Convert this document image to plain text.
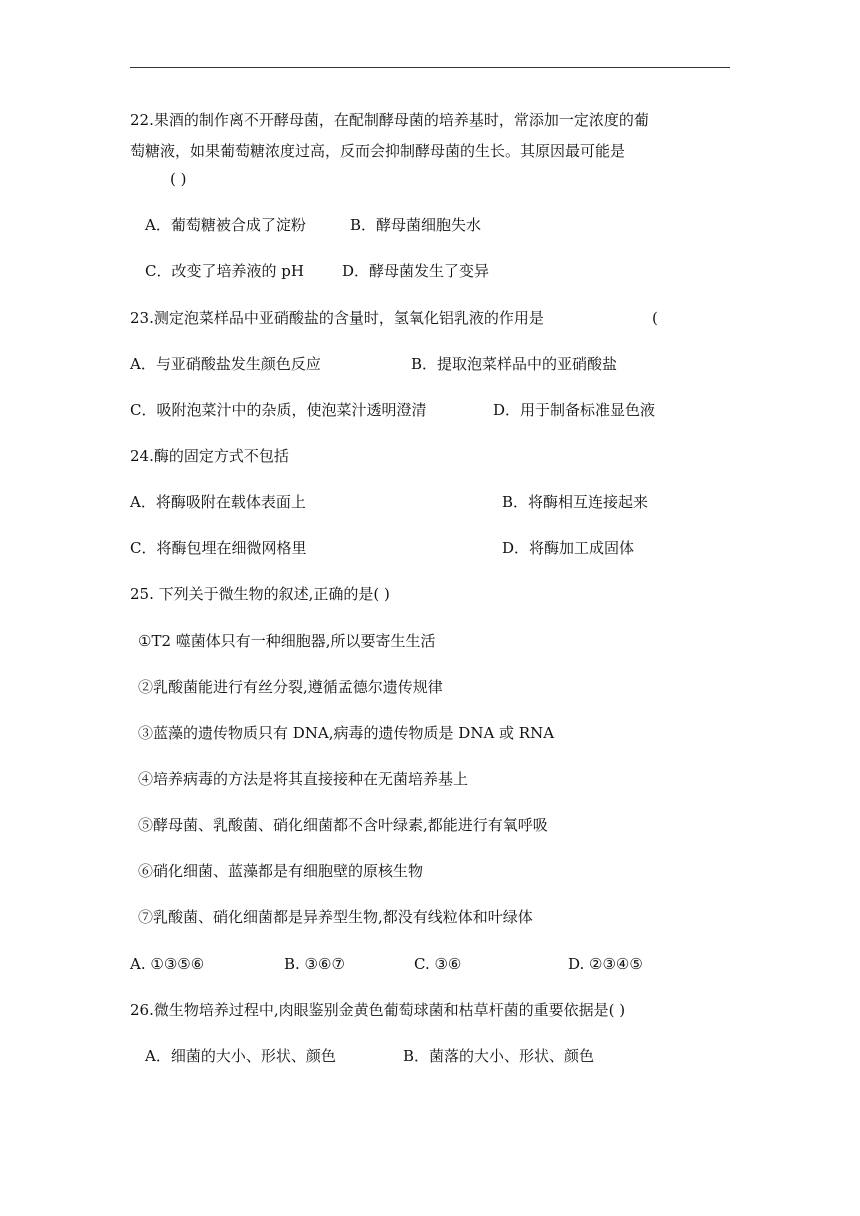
22.果酒的制作离不开酵母菌，在配制酵母菌的培养基时，常添加一定浓度的葡
萄糖液，如果葡萄糖浓度过高，反而会抑制酵母菌的生长。其原因最可能是
( )
A．葡萄糖被合成了淀粉	B．酵母菌细胞失水
C．改变了培养液的 pH	D．酵母菌发生了变异
23.测定泡菜样品中亚硝酸盐的含量时，氢氧化铝乳液的作用是	(
A．与亚硝酸盐发生颜色反应	B．提取泡菜样品中的亚硝酸盐
C．吸附泡菜汁中的杂质，使泡菜汁透明澄清	D．用于制备标准显色液
24.酶的固定方式不包括
A．将酶吸附在载体表面上	B．将酶相互连接起来
C．将酶包埋在细微网格里	D．将酶加工成固体
25. 下列关于微生物的叙述,正确的是( )
①T2 噬菌体只有一种细胞器,所以要寄生生活
②乳酸菌能进行有丝分裂,遵循孟德尔遗传规律
③蓝藻的遗传物质只有 DNA,病毒的遗传物质是 DNA 或 RNA
④培养病毒的方法是将其直接接种在无菌培养基上
⑤酵母菌、乳酸菌、硝化细菌都不含叶绿素,都能进行有氧呼吸
⑥硝化细菌、蓝藻都是有细胞壁的原核生物
⑦乳酸菌、硝化细菌都是异养型生物,都没有线粒体和叶绿体
A. ①③⑤⑥	B. ③⑥⑦	C. ③⑥	D. ②③④⑤
26.微生物培养过程中,肉眼鉴别金黄色葡萄球菌和枯草杆菌的重要依据是( )
A．细菌的大小、形状、颜色	B．菌落的大小、形状、颜色
